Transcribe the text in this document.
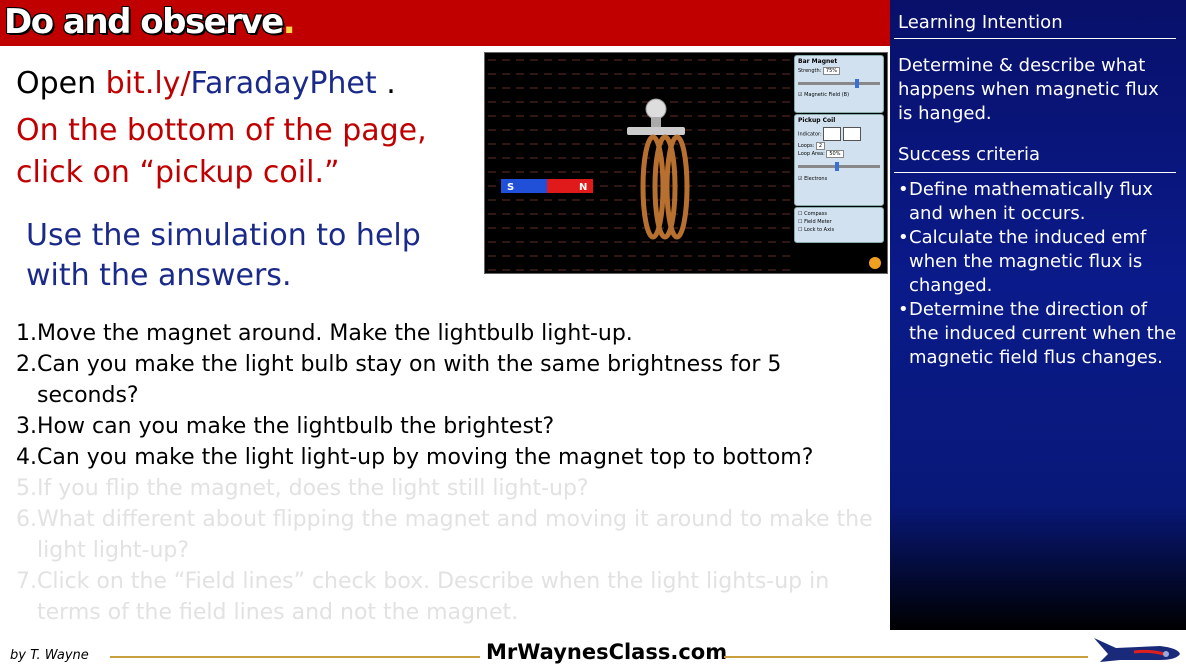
Do and observe.
Open bit.ly/FaradayPhet .
On the bottom of the page, click on “pickup coil.”
Use the simulation to help with the answers.
1. Move the magnet around. Make the lightbulb light-up.
2. Can you make the light bulb stay on with the same brightness for 5 seconds?
3. How can you make the lightbulb the brightest?
4. Can you make the light light-up by moving the magnet top to bottom?
5. If you flip the magnet, does the light still light-up?
6. What different about flipping the magnet and moving it around to make the light light-up?
7. Click on the “Field lines” check box. Describe when the light lights-up in terms of the field lines and not the magnet.
S	N
Bar Magnet
Strength: 75%
☑ Magnetic Field (B)
Pickup Coil
Indicator:
Loops: 2
Loop Area: 50%
☑ Electrons
☐ Compass
☐ Field Meter
☐ Lock to Axis
Learning Intention
Determine & describe what happens when magnetic flux is hanged.
Success criteria
• Define mathematically flux and when it occurs.
• Calculate the induced emf when the magnetic flux is changed.
• Determine the direction of the induced current when the magnetic field flus changes.
by T. Wayne	MrWaynesClass.com
